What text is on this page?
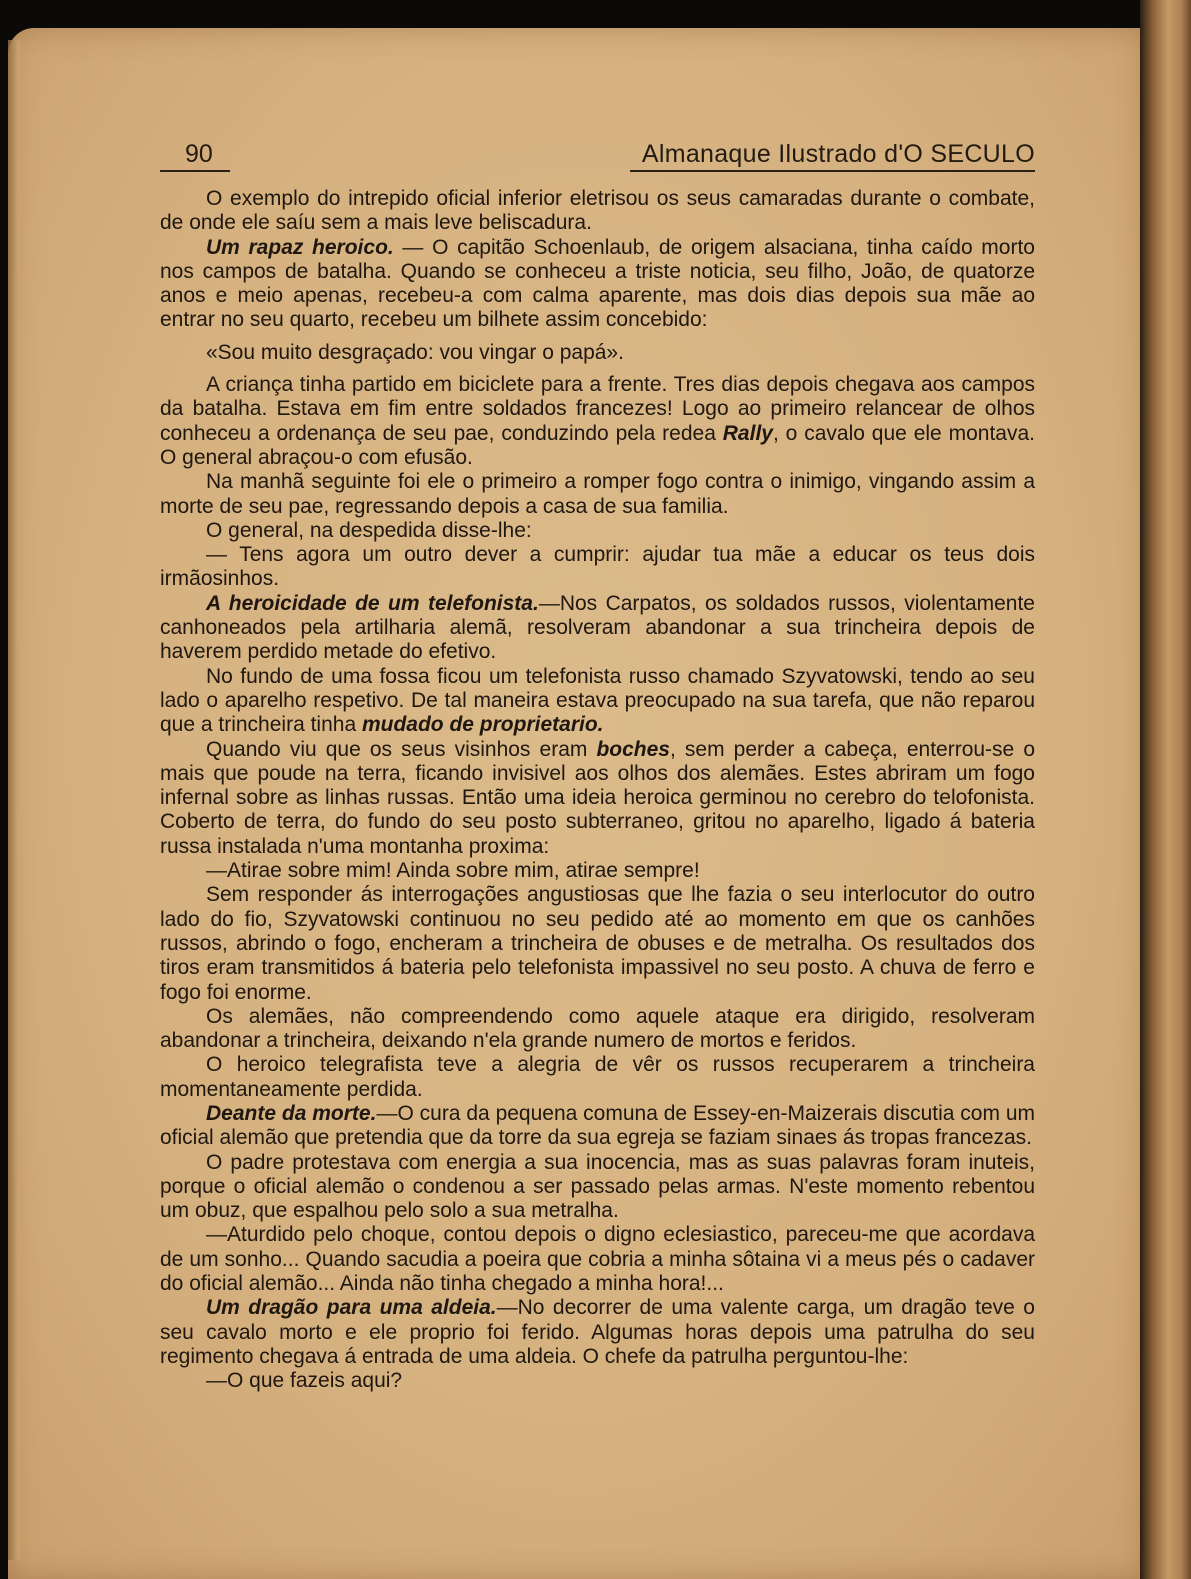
90	Almanaque Ilustrado d'O SECULO

O exemplo do intrepido oficial inferior eletrisou os seus camaradas durante o combate, de onde ele saíu sem a mais leve beliscadura.

Um rapaz heroico. — O capitão Schoenlaub, de origem alsaciana, tinha caído morto nos campos de batalha. Quando se conheceu a triste noticia, seu filho, João, de quatorze anos e meio apenas, recebeu-a com calma aparente, mas dois dias depois sua mãe ao entrar no seu quarto, recebeu um bilhete assim concebido:

«Sou muito desgraçado: vou vingar o papá».

A criança tinha partido em biciclete para a frente. Tres dias depois chegava aos campos da batalha. Estava em fim entre soldados francezes! Logo ao primeiro relancear de olhos conheceu a ordenança de seu pae, conduzindo pela redea Rally, o cavalo que ele montava. O general abraçou-o com efusão.

Na manhã seguinte foi ele o primeiro a romper fogo contra o inimigo, vingando assim a morte de seu pae, regressando depois a casa de sua familia.

O general, na despedida disse-lhe:

— Tens agora um outro dever a cumprir: ajudar tua mãe a educar os teus dois irmãosinhos.

A heroicidade de um telefonista.—Nos Carpatos, os soldados russos, violentamente canhoneados pela artilharia alemã, resolveram abandonar a sua trincheira depois de haverem perdido metade do efetivo.

No fundo de uma fossa ficou um telefonista russo chamado Szyvatowski, tendo ao seu lado o aparelho respetivo. De tal maneira estava preocupado na sua tarefa, que não reparou que a trincheira tinha mudado de proprietario.

Quando viu que os seus visinhos eram boches, sem perder a cabeça, enterrou-se o mais que poude na terra, ficando invisivel aos olhos dos alemães. Estes abriram um fogo infernal sobre as linhas russas. Então uma ideia heroica germinou no cerebro do telofonista. Coberto de terra, do fundo do seu posto subterraneo, gritou no aparelho, ligado á bateria russa instalada n'uma montanha proxima:

—Atirae sobre mim! Ainda sobre mim, atirae sempre!

Sem responder ás interrogações angustiosas que lhe fazia o seu interlocutor do outro lado do fio, Szyvatowski continuou no seu pedido até ao momento em que os canhões russos, abrindo o fogo, encheram a trincheira de obuses e de metralha. Os resultados dos tiros eram transmitidos á bateria pelo telefonista impassivel no seu posto. A chuva de ferro e fogo foi enorme.

Os alemães, não compreendendo como aquele ataque era dirigido, resolveram abandonar a trincheira, deixando n'ela grande numero de mortos e feridos.

O heroico telegrafista teve a alegria de vêr os russos recuperarem a trincheira momentaneamente perdida.

Deante da morte.—O cura da pequena comuna de Essey-en-Maizerais discutia com um oficial alemão que pretendia que da torre da sua egreja se faziam sinaes ás tropas francezas.

O padre protestava com energia a sua inocencia, mas as suas palavras foram inuteis, porque o oficial alemão o condenou a ser passado pelas armas. N'este momento rebentou um obuz, que espalhou pelo solo a sua metralha.

—Aturdido pelo choque, contou depois o digno eclesiastico, pareceu-me que acordava de um sonho... Quando sacudia a poeira que cobria a minha sôtaina vi a meus pés o cadaver do oficial alemão... Ainda não tinha chegado a minha hora!...

Um dragão para uma aldeia.—No decorrer de uma valente carga, um dragão teve o seu cavalo morto e ele proprio foi ferido. Algumas horas depois uma patrulha do seu regimento chegava á entrada de uma aldeia. O chefe da patrulha perguntou-lhe:

—O que fazeis aqui?
